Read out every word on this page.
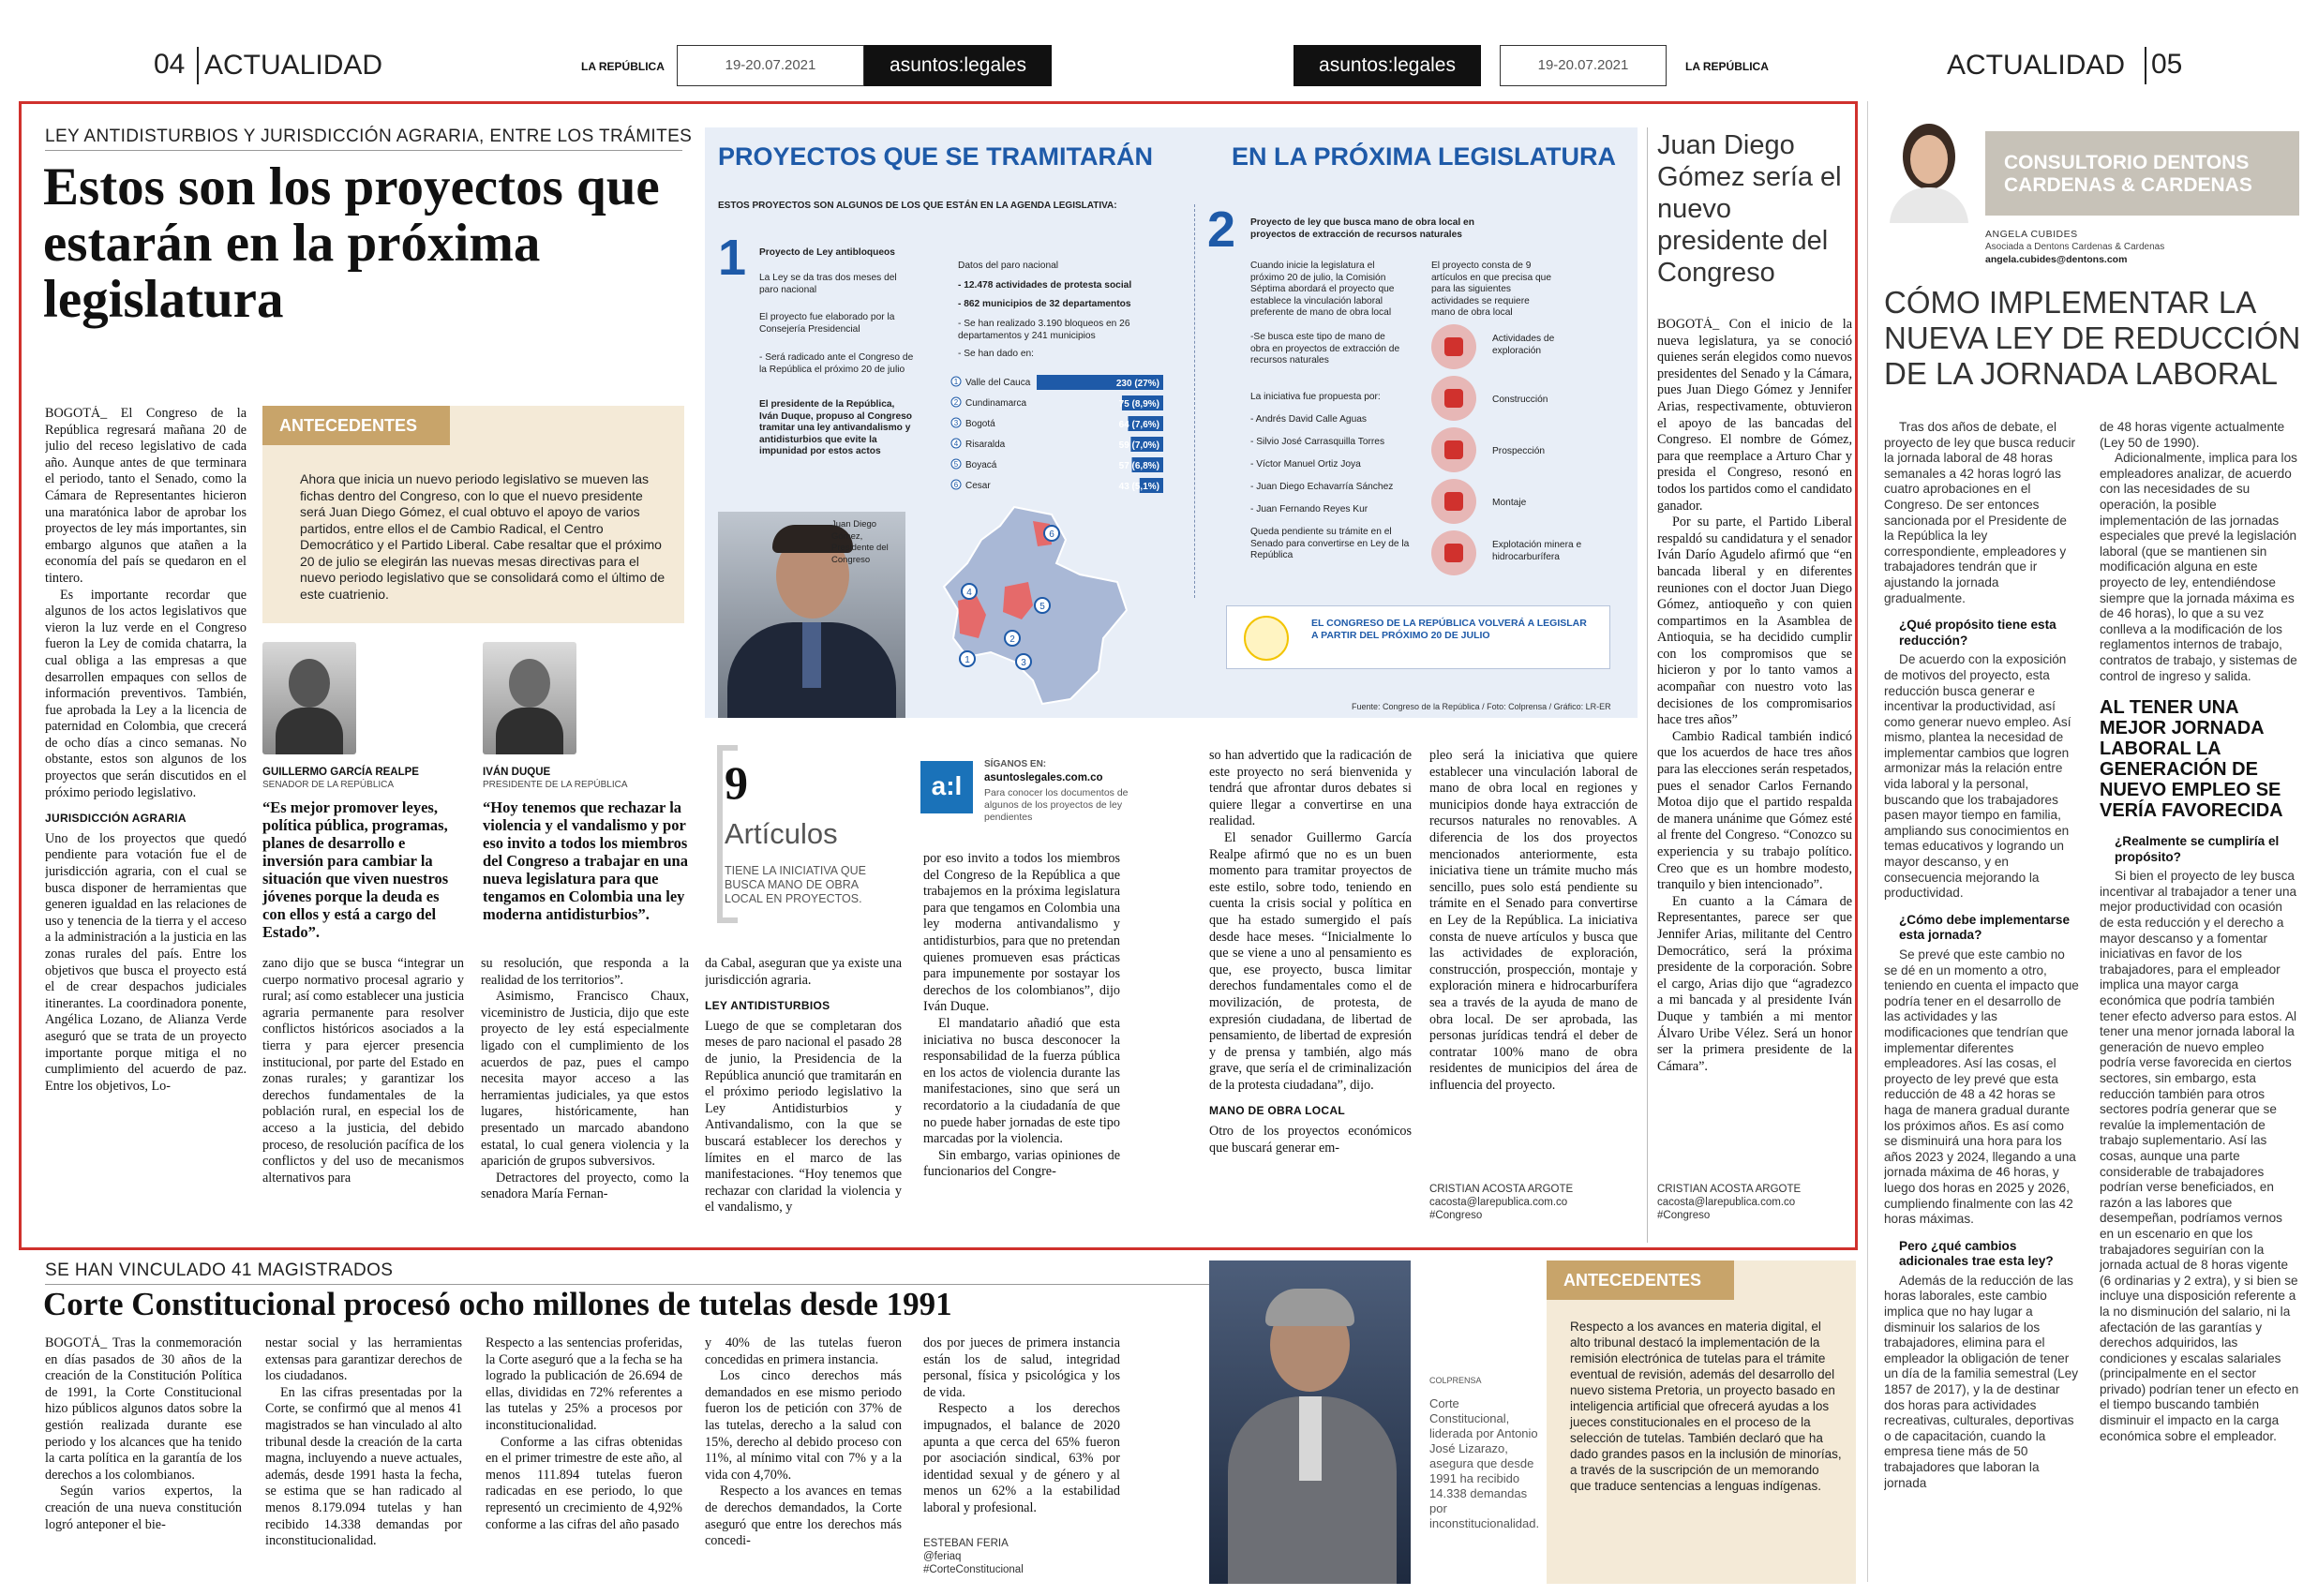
04 ACTUALIDAD	LA REPÚBLICA	19-20.07.2021	asuntos:legales	asuntos:legales	19-20.07.2021	LA REPÚBLICA	ACTUALIDAD 05
LEY ANTIDISTURBIOS Y JURISDICCIÓN AGRARIA, ENTRE LOS TRÁMITES
Estos son los proyectos que estarán en la próxima legislatura

BOGOTÁ_ El Congreso de la República regresará mañana 20 de julio del receso legislativo de cada año. Aunque antes de que terminara el periodo, tanto el Senado, como la Cámara de Representantes hicieron una maratónica labor de aprobar los proyectos de ley más importantes, sin embargo algunos que atañen a la economía del país se quedaron en el tintero.

Es importante recordar que algunos de los actos legislativos que vieron la luz verde en el Congreso fueron la Ley de comida chatarra, la cual obliga a las empresas a que desarrollen empaques con sellos de información preventivos. También, fue aprobada la Ley a la licencia de paternidad en Colombia, que crecerá de ocho días a cinco semanas. No obstante, estos son algunos de los proyectos que serán discutidos en el próximo periodo legislativo.

JURISDICCIÓN AGRARIA

Uno de los proyectos que quedó pendiente para votación fue el de jurisdicción agraria, con el cual se busca disponer de herramientas que generen igualdad en las relaciones de uso y tenencia de la tierra y el acceso a la administración a la justicia en las zonas rurales del país. Entre los objetivos que busca el proyecto está el de crear despachos judiciales itinerantes. La coordinadora ponente, Angélica Lozano, de Alianza Verde aseguró que se trata de un proyecto importante porque mitiga el no cumplimiento del acuerdo de paz. Entre los objetivos, Lo-

ANTECEDENTES
Ahora que inicia un nuevo periodo legislativo se mueven las fichas dentro del Congreso, con lo que el nuevo presidente será Juan Diego Gómez, el cual obtuvo el apoyo de varios partidos, entre ellos el de Cambio Radical, el Centro Democrático y el Partido Liberal. Cabe resaltar que el próximo 20 de julio se elegirán las nuevas mesas directivas para el nuevo periodo legislativo que se consolidará como el último de este cuatrienio.
GUILLERMO GARCÍA REALPE
SENADOR DE LA REPÚBLICA
“Es mejor promover leyes, política pública, programas, planes de desarrollo e inversión para cambiar la situación que viven nuestros jóvenes porque la deuda es con ellos y está a cargo del Estado”.
IVÁN DUQUE
PRESIDENTE DE LA REPÚBLICA
“Hoy tenemos que rechazar la violencia y el vandalismo y por eso invito a todos los miembros del Congreso a trabajar en una nueva legislatura para que tengamos en Colombia una ley moderna antidisturbios”.

zano dijo que se busca “integrar un cuerpo normativo procesal agrario y rural; así como establecer una justicia agraria permanente para resolver conflictos históricos asociados a la tierra y para ejercer presencia institucional, por parte del Estado en zonas rurales; y garantizar los derechos fundamentales de la población rural, en especial los de acceso a la justicia, del debido proceso, de resolución pacífica de los conflictos y del uso de mecanismos alternativos para

su resolución, que responda a la realidad de los territorios”.

Asimismo, Francisco Chaux, viceministro de Justicia, dijo que este proyecto de ley está especialmente ligado con el cumplimiento de los acuerdos de paz, pues el campo necesita mayor acceso a las herramientas judiciales, ya que estos lugares, históricamente, han presentado un marcado abandono estatal, lo cual genera violencia y la aparición de grupos subversivos.

Detractores del proyecto, como la senadora María Fernan-

PROYECTOS QUE SE TRAMITARÁN	EN LA PRÓXIMA LEGISLATURA
ESTOS PROYECTOS SON ALGUNOS DE LOS QUE ESTÁN EN LA AGENDA LEGISLATIVA:
1 Proyecto de Ley antibloqueos
La Ley se da tras dos meses del paro nacional
El proyecto fue elaborado por la Consejería Presidencial
- Será radicado ante el Congreso de la República el próximo 20 de julio
El presidente de la República, Iván Duque, propuso al Congreso tramitar una ley antivandalismo y antidisturbios que evite la impunidad por estos actos
Datos del paro nacional
- 12.478 actividades de protesta social
- 862 municipios de 32 departamentos
- Se han realizado 3.190 bloqueos en 26 departamentos y 241 municipios
- Se han dado en:
1 Valle del Cauca	230 (27%)
2 Cundinamarca	75 (8,9%)
3 Bogotá	64 (7,6%)
4 Risaralda	59 (7,0%)
5 Boyacá	57 (6,8%)
6 Cesar	43 (5,1%)
Juan Diego Gómez, Presidente del Congreso
1
2
3
4
5
6
2 Proyecto de ley que busca mano de obra local en proyectos de extracción de recursos naturales
Cuando inicie la legislatura el próximo 20 de julio, la Comisión Séptima abordará el proyecto que establece la vinculación laboral preferente de mano de obra local
-Se busca este tipo de mano de obra en proyectos de extracción de recursos naturales
La iniciativa fue propuesta por:
- Andrés David Calle Aguas
- Silvio José Carrasquilla Torres
- Víctor Manuel Ortiz Joya
- Juan Diego Echavarría Sánchez
- Juan Fernando Reyes Kur
Queda pendiente su trámite en el Senado para convertirse en Ley de la República
El proyecto consta de 9 artículos en que precisa que para las siguientes actividades se requiere mano de obra local
Actividades de exploración
Construcción
Prospección
Montaje
Explotación minera e hidrocarburífera
EL CONGRESO DE LA REPÚBLICA VOLVERÁ A LEGISLAR A PARTIR DEL PRÓXIMO 20 DE JULIO
Fuente: Congreso de la República / Foto: Colprensa / Gráfico: LR-ER
9
Artículos
TIENE LA INICIATIVA QUE BUSCA MANO DE OBRA LOCAL EN PROYECTOS.
a:l
SÍGANOS EN:
asuntoslegales.com.co
Para conocer los documentos de algunos de los proyectos de ley pendientes

da Cabal, aseguran que ya existe una jurisdicción agraria.

LEY ANTIDISTURBIOS

Luego de que se completaran dos meses de paro nacional el pasado 28 de junio, la Presidencia de la República anunció que tramitarán en el próximo periodo legislativo la Ley Antidisturbios y Antivandalismo, con la que se buscará establecer los derechos y límites en el marco de las manifestaciones. “Hoy tenemos que rechazar con claridad la violencia y el vandalismo, y

por eso invito a todos los miembros del Congreso de la República a que trabajemos en la próxima legislatura para que tengamos en Colombia una ley moderna antivandalismo y antidisturbios, para que no pretendan quienes promueven esas prácticas para impunemente por sostayar los derechos de los colombianos”, dijo Iván Duque.

El mandatario añadió que esta iniciativa no busca desconocer la responsabilidad de la fuerza pública en los actos de violencia durante las manifestaciones, sino que será un recordatorio a la ciudadanía de que no puede haber jornadas de este tipo marcadas por la violencia.

Sin embargo, varias opiniones de funcionarios del Congre-

so han advertido que la radicación de este proyecto no será bienvenida y tendrá que afrontar duros debates si quiere llegar a convertirse en una realidad.

El senador Guillermo García Realpe afirmó que no es un buen momento para tramitar proyectos de este estilo, sobre todo, teniendo en cuenta la crisis social y política en que ha estado sumergido el país desde hace meses. “Inicialmente lo que se viene a uno al pensamiento es que, ese proyecto, busca limitar derechos fundamentales como el de movilización, de protesta, de expresión ciudadana, de libertad de pensamiento, de libertad de expresión y de prensa y también, algo más grave, que sería el de criminalización de la protesta ciudadana”, dijo.

MANO DE OBRA LOCAL

Otro de los proyectos económicos que buscará generar em-

pleo será la iniciativa que quiere establecer una vinculación laboral de mano de obra local en regiones y municipios donde haya extracción de recursos naturales no renovables. A diferencia de los dos proyectos mencionados anteriormente, esta iniciativa tiene un trámite mucho más sencillo, pues solo está pendiente su trámite en el Senado para convertirse en Ley de la República. La iniciativa consta de nueve artículos y busca que las actividades de exploración, construcción, prospección, montaje y exploración minera e hidrocarburífera sea a través de la ayuda de mano de obra local. De ser aprobada, las personas jurídicas tendrá el deber de contratar 100% mano de obra residentes de municipios del área de influencia del proyecto.

CRISTIAN ACOSTA ARGOTE
cacosta@larepublica.com.co
#Congreso
Juan Diego Gómez sería el nuevo presidente del Congreso

BOGOTÁ_ Con el inicio de la nueva legislatura, ya se conoció quienes serán elegidos como nuevos presidentes del Senado y la Cámara, pues Juan Diego Gómez y Jennifer Arias, respectivamente, obtuvieron el apoyo de las bancadas del Congreso. El nombre de Gómez, para que reemplace a Arturo Char y presida el Congreso, resonó en todos los partidos como el candidato ganador.

Por su parte, el Partido Liberal respaldó su candidatura y el senador Iván Darío Agudelo afirmó que “en bancada liberal y en diferentes reuniones con el doctor Juan Diego Gómez, antioqueño y con quien compartimos en la Asamblea de Antioquia, se ha decidido cumplir con los compromisos que se hicieron y por lo tanto vamos a acompañar con nuestro voto las decisiones de los compromisarios hace tres años”

Cambio Radical también indicó que los acuerdos de hace tres años para las elecciones serán respetados, pues el senador Carlos Fernando Motoa dijo que el partido respalda de manera unánime que Gómez esté al frente del Congreso. “Conozco su experiencia y su trabajo político. Creo que es un hombre modesto, tranquilo y bien intencionado”.

En cuanto a la Cámara de Representantes, parece ser que Jennifer Arias, militante del Centro Democrático, será la próxima presidente de la corporación. Sobre el cargo, Arias dijo que “agradezco a mi bancada y al presidente Iván Duque y también a mi mentor Álvaro Uribe Vélez. Será un honor ser la primera presidente de la Cámara”.

CRISTIAN ACOSTA ARGOTE
cacosta@larepublica.com.co
#Congreso
SE HAN VINCULADO 41 MAGISTRADOS
Corte Constitucional procesó ocho millones de tutelas desde 1991

BOGOTÁ_ Tras la conmemoración en días pasados de 30 años de la creación de la Constitución Política de 1991, la Corte Constitucional hizo públicos algunos datos sobre la gestión realizada durante ese periodo y los alcances que ha tenido la carta política en la garantía de los derechos a los colombianos.

Según varios expertos, la creación de una nueva constitución logró anteponer el bie-

nestar social y las herramientas extensas para garantizar derechos de los ciudadanos.

En las cifras presentadas por la Corte, se confirmó que al menos 41 magistrados se han vinculado al alto tribunal desde la creación de la carta magna, incluyendo a nueve actuales, además, desde 1991 hasta la fecha, se estima que se han radicado al menos 8.179.094 tutelas y han recibido 14.338 demandas por inconstitucionalidad.

Respecto a las sentencias proferidas, la Corte aseguró que a la fecha se ha logrado la publicación de 26.694 de ellas, divididas en 72% referentes a las tutelas y 25% a procesos por inconstitucionalidad.

Conforme a las cifras obtenidas en el primer trimestre de este año, al menos 111.894 tutelas fueron radicadas en ese periodo, lo que representó un crecimiento de 4,92% conforme a las cifras del año pasado

y 40% de las tutelas fueron concedidas en primera instancia.

Los cinco derechos más demandados en ese mismo periodo fueron los de petición con 37% de las tutelas, derecho a la salud con 15%, derecho al debido proceso con 11%, al mínimo vital con 7% y a la vida con 4,70%.

Respecto a los avances en temas de derechos demandados, la Corte aseguró que entre los derechos más concedi-

dos por jueces de primera instancia están los de salud, integridad personal, física y psicológica y los de vida.

Respecto a los derechos impugnados, el balance de 2020 apunta a que cerca del 65% fueron por asociación sindical, 63% por identidad sexual y de género y al menos un 62% a la estabilidad laboral y profesional.

ESTEBAN FERIA
@feriaq
#CorteConstitucional
COLPRENSA
Corte Constitucional, liderada por Antonio José Lizarazo, asegura que desde 1991 ha recibido 14.338 demandas por inconstitucionalidad.
ANTECEDENTES
Respecto a los avances en materia digital, el alto tribunal destacó la implementación de la remisión electrónica de tutelas para el trámite eventual de revisión, además del desarrollo del nuevo sistema Pretoria, un proyecto basado en inteligencia artificial que ofrecerá ayudas a los jueces constitucionales en el proceso de la selección de tutelas. También declaró que ha dado grandes pasos en la inclusión de minorías, a través de la suscripción de un memorando que traduce sentencias a lenguas indígenas.
CONSULTORIO DENTONS CARDENAS & CARDENAS
ANGELA CUBIDES
Asociada a Dentons Cardenas & Cardenas
angela.cubides@dentons.com
CÓMO IMPLEMENTAR LA NUEVA LEY DE REDUCCIÓN DE LA JORNADA LABORAL

Tras dos años de debate, el proyecto de ley que busca reducir la jornada laboral de 48 horas semanales a 42 horas logró las cuatro aprobaciones en el Congreso. De ser entonces sancionada por el Presidente de la República la ley correspondiente, empleadores y trabajadores tendrán que ir ajustando la jornada gradualmente.

¿Qué propósito tiene esta reducción?

De acuerdo con la exposición de motivos del proyecto, esta reducción busca generar e incentivar la productividad, así como generar nuevo empleo. Así mismo, plantea la necesidad de implementar cambios que logren armonizar más la relación entre vida laboral y la personal, buscando que los trabajadores pasen mayor tiempo en familia, ampliando sus conocimientos en temas educativos y logrando un mayor descanso, y en consecuencia mejorando la productividad.

¿Cómo debe implementarse esta jornada?

Se prevé que este cambio no se dé en un momento a otro, teniendo en cuenta el impacto que podría tener en el desarrollo de las actividades y las modificaciones que tendrían que implementar diferentes empleadores. Así las cosas, el proyecto de ley prevé que esta reducción de 48 a 42 horas se haga de manera gradual durante los próximos años. Es así como se disminuirá una hora para los años 2023 y 2024, llegando a una jornada máxima de 46 horas, y luego dos horas en 2025 y 2026, cumpliendo finalmente con las 42 horas máximas.

Pero ¿qué cambios adicionales trae esta ley?

Además de la reducción de las horas laborales, este cambio implica que no hay lugar a disminuir los salarios de los trabajadores, elimina para el empleador la obligación de tener un día de la familia semestral (Ley 1857 de 2017), y la de destinar dos horas para actividades recreativas, culturales, deportivas o de capacitación, cuando la empresa tiene más de 50 trabajadores que laboran la jornada

de 48 horas vigente actualmente (Ley 50 de 1990).

Adicionalmente, implica para los empleadores analizar, de acuerdo con las necesidades de su operación, la posible implementación de las jornadas especiales que prevé la legislación laboral (que se mantienen sin modificación alguna en este proyecto de ley, entendiéndose siempre que la jornada máxima es de 46 horas), lo que a su vez conlleva a la modificación de los reglamentos internos de trabajo, contratos de trabajo, y sistemas de control de ingreso y salida.

AL TENER UNA MEJOR JORNADA LABORAL LA GENERACIÓN DE NUEVO EMPLEO SE VERÍA FAVORECIDA

¿Realmente se cumpliría el propósito?

Si bien el proyecto de ley busca incentivar al trabajador a tener una mejor productividad con ocasión de esta reducción y el derecho a mayor descanso y a fomentar iniciativas en favor de los trabajadores, para el empleador implica una mayor carga económica que podría también tener efecto adverso para estos. Al tener una menor jornada laboral la generación de nuevo empleo podría verse favorecida en ciertos sectores, sin embargo, esta reducción también para otros sectores podría generar que se revalúe la implementación de trabajo suplementario. Así las cosas, aunque una parte considerable de trabajadores podrían verse beneficiados, en razón a las labores que desempeñan, podríamos vernos en un escenario en que los trabajadores seguirían con la jornada actual de 8 horas vigente (6 ordinarias y 2 extra), y si bien se incluye una disposición referente a la no disminución del salario, ni la afectación de las garantías y derechos adquiridos, las condiciones y escalas salariales (principalmente en el sector privado) podrían tener un efecto en el tiempo buscando también disminuir el impacto en la carga económica sobre el empleador.
